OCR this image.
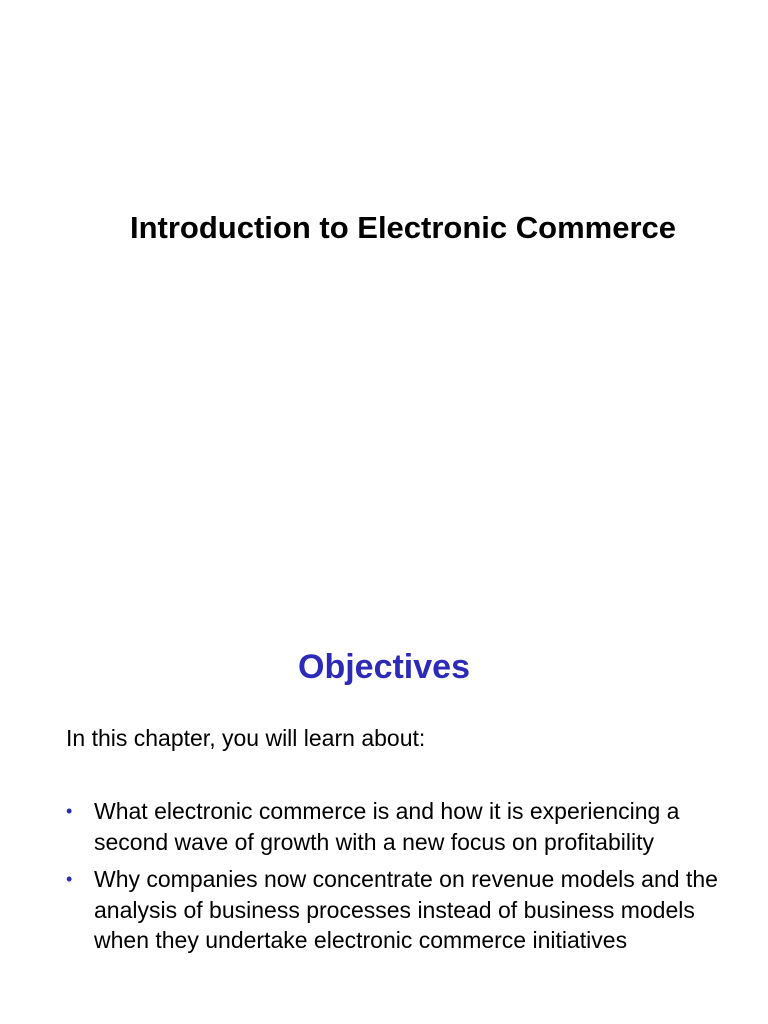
Introduction to Electronic Commerce
Objectives

In this chapter, you will learn about:

• What electronic commerce is and how it is experiencing a second wave of growth with a new focus on profitability
• Why companies now concentrate on revenue models and the analysis of business processes instead of business models when they undertake electronic commerce initiatives
